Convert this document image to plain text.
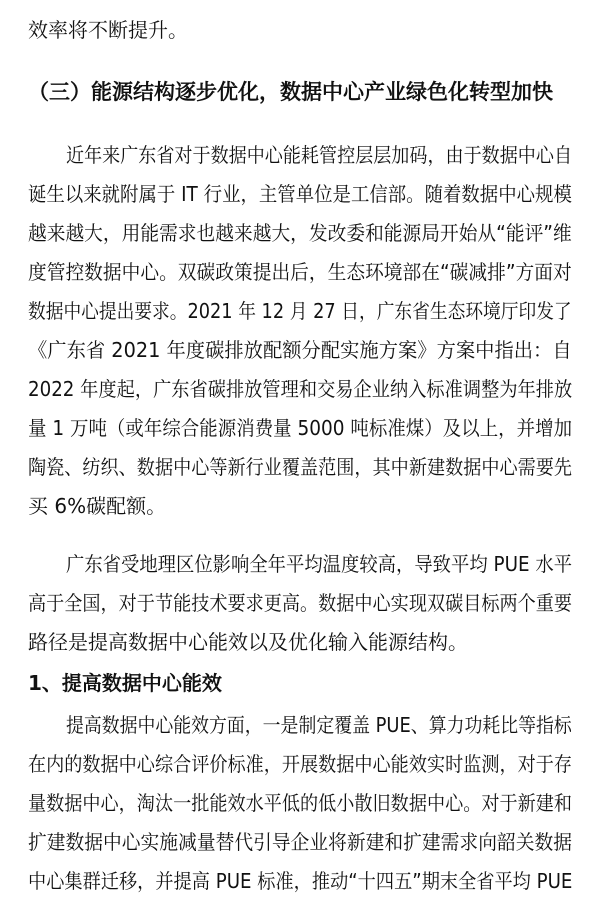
效率将不断提升。
（三）能源结构逐步优化，数据中心产业绿色化转型加快
近年来广东省对于数据中心能耗管控层层加码，由于数据中心自
诞生以来就附属于 IT 行业，主管单位是工信部。随着数据中心规模
越来越大，用能需求也越来越大，发改委和能源局开始从“能评”维
度管控数据中心。双碳政策提出后，生态环境部在“碳减排”方面对
数据中心提出要求。2021 年 12 月 27 日，广东省生态环境厅印发了
《广东省 2021 年度碳排放配额分配实施方案》方案中指出：自
2022 年度起，广东省碳排放管理和交易企业纳入标准调整为年排放
量 1 万吨（或年综合能源消费量 5000 吨标准煤）及以上，并增加
陶瓷、纺织、数据中心等新行业覆盖范围，其中新建数据中心需要先
买 6%碳配额。
广东省受地理区位影响全年平均温度较高，导致平均 PUE 水平
高于全国，对于节能技术要求更高。数据中心实现双碳目标两个重要
路径是提高数据中心能效以及优化输入能源结构。
1、提高数据中心能效
提高数据中心能效方面，一是制定覆盖 PUE、算力功耗比等指标
在内的数据中心综合评价标准，开展数据中心能效实时监测，对于存
量数据中心，淘汰一批能效水平低的低小散旧数据中心。对于新建和
扩建数据中心实施减量替代引导企业将新建和扩建需求向韶关数据
中心集群迁移，并提高 PUE 标准，推动“十四五”期末全省平均 PUE
